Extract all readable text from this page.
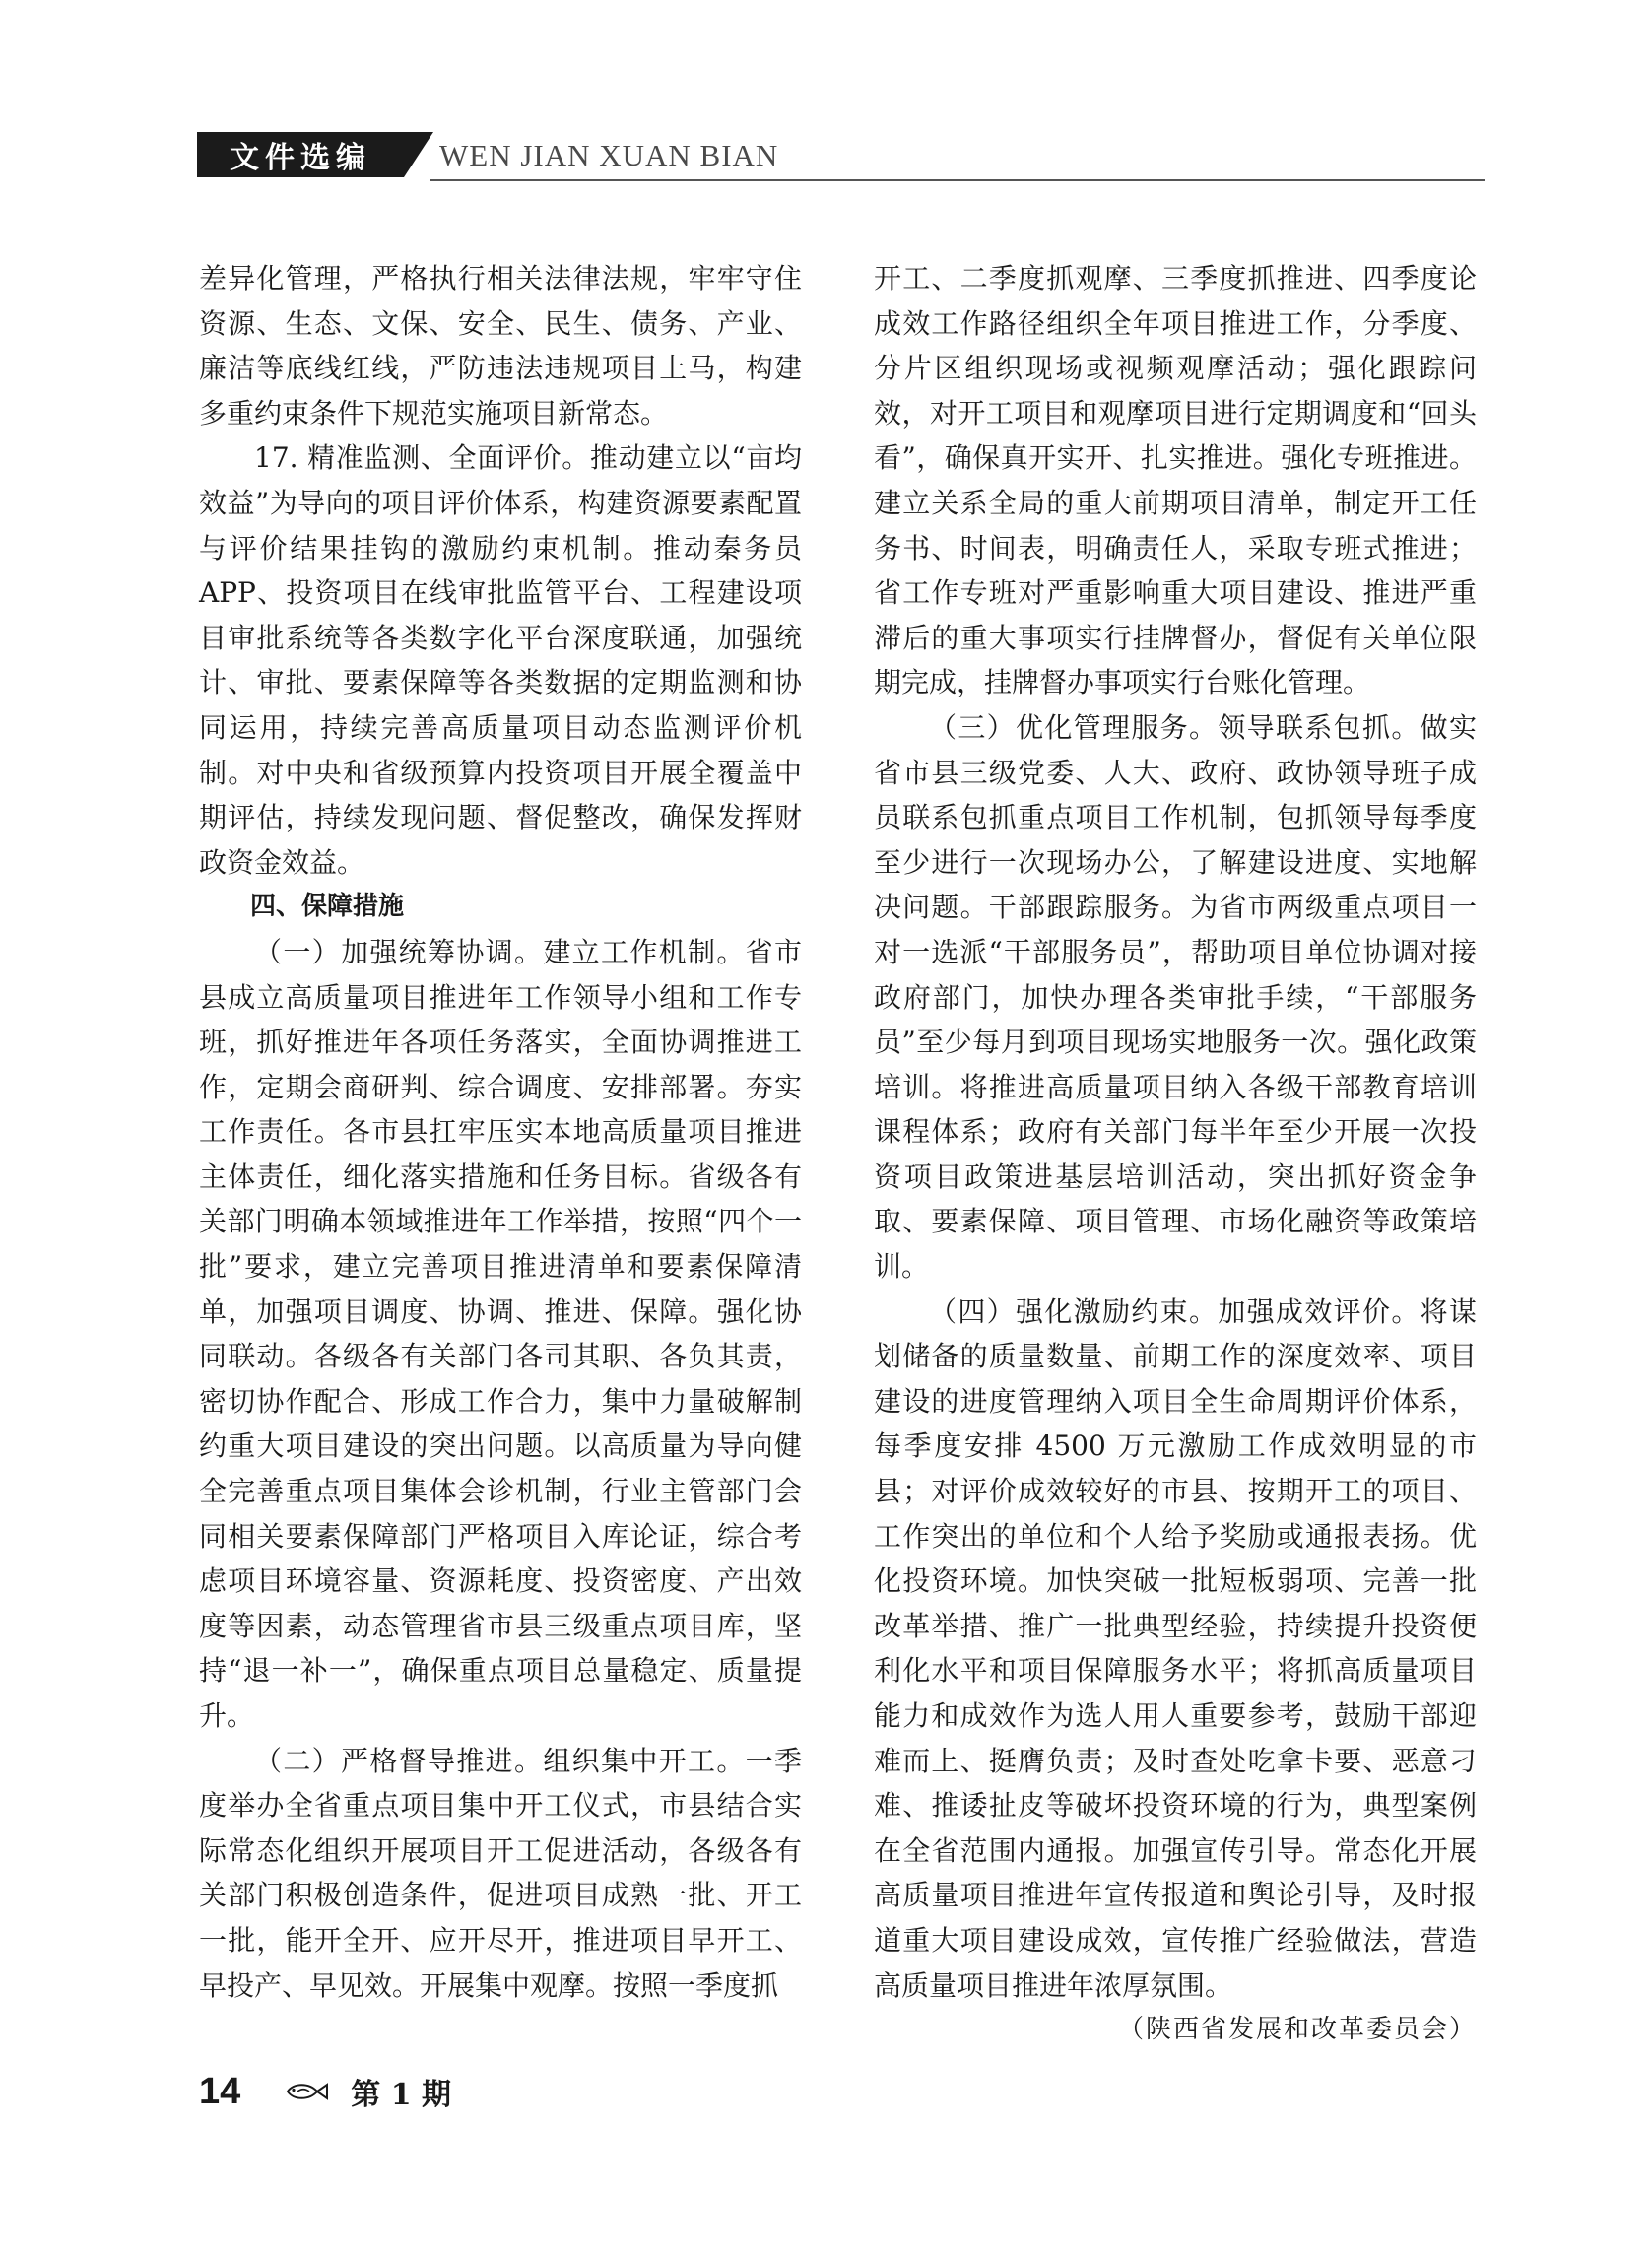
文件选编	WEN JIAN XUAN BIAN

差异化管理，严格执行相关法律法规，牢牢守住资源、生态、文保、安全、民生、债务、产业、廉洁等底线红线，严防违法违规项目上马，构建多重约束条件下规范实施项目新常态。

17. 精准监测、全面评价。推动建立以“亩均效益”为导向的项目评价体系，构建资源要素配置与评价结果挂钩的激励约束机制。推动秦务员 APP、投资项目在线审批监管平台、工程建设项目审批系统等各类数字化平台深度联通，加强统计、审批、要素保障等各类数据的定期监测和协同运用，持续完善高质量项目动态监测评价机制。对中央和省级预算内投资项目开展全覆盖中期评估，持续发现问题、督促整改，确保发挥财政资金效益。

四、保障措施

（一）加强统筹协调。建立工作机制。省市县成立高质量项目推进年工作领导小组和工作专班，抓好推进年各项任务落实，全面协调推进工作，定期会商研判、综合调度、安排部署。夯实工作责任。各市县扛牢压实本地高质量项目推进主体责任，细化落实措施和任务目标。省级各有关部门明确本领域推进年工作举措，按照“四个一批”要求，建立完善项目推进清单和要素保障清单，加强项目调度、协调、推进、保障。强化协同联动。各级各有关部门各司其职、各负其责，密切协作配合、形成工作合力，集中力量破解制约重大项目建设的突出问题。以高质量为导向健全完善重点项目集体会诊机制，行业主管部门会同相关要素保障部门严格项目入库论证，综合考虑项目环境容量、资源耗度、投资密度、产出效度等因素，动态管理省市县三级重点项目库，坚持“退一补一”，确保重点项目总量稳定、质量提升。

（二）严格督导推进。组织集中开工。一季度举办全省重点项目集中开工仪式，市县结合实际常态化组织开展项目开工促进活动，各级各有关部门积极创造条件，促进项目成熟一批、开工一批，能开全开、应开尽开，推进项目早开工、早投产、早见效。开展集中观摩。按照一季度抓

开工、二季度抓观摩、三季度抓推进、四季度论成效工作路径组织全年项目推进工作，分季度、分片区组织现场或视频观摩活动；强化跟踪问效，对开工项目和观摩项目进行定期调度和“回头看”，确保真开实开、扎实推进。强化专班推进。建立关系全局的重大前期项目清单，制定开工任务书、时间表，明确责任人，采取专班式推进；省工作专班对严重影响重大项目建设、推进严重滞后的重大事项实行挂牌督办，督促有关单位限期完成，挂牌督办事项实行台账化管理。

（三）优化管理服务。领导联系包抓。做实省市县三级党委、人大、政府、政协领导班子成员联系包抓重点项目工作机制，包抓领导每季度至少进行一次现场办公，了解建设进度、实地解决问题。干部跟踪服务。为省市两级重点项目一对一选派“干部服务员”，帮助项目单位协调对接政府部门，加快办理各类审批手续，“干部服务员”至少每月到项目现场实地服务一次。强化政策培训。将推进高质量项目纳入各级干部教育培训课程体系；政府有关部门每半年至少开展一次投资项目政策进基层培训活动，突出抓好资金争取、要素保障、项目管理、市场化融资等政策培训。

（四）强化激励约束。加强成效评价。将谋划储备的质量数量、前期工作的深度效率、项目建设的进度管理纳入项目全生命周期评价体系，每季度安排 4500 万元激励工作成效明显的市县；对评价成效较好的市县、按期开工的项目、工作突出的单位和个人给予奖励或通报表扬。优化投资环境。加快突破一批短板弱项、完善一批改革举措、推广一批典型经验，持续提升投资便利化水平和项目保障服务水平；将抓高质量项目能力和成效作为选人用人重要参考，鼓励干部迎难而上、挺膺负责；及时查处吃拿卡要、恶意刁难、推诿扯皮等破坏投资环境的行为，典型案例在全省范围内通报。加强宣传引导。常态化开展高质量项目推进年宣传报道和舆论引导，及时报道重大项目建设成效，宣传推广经验做法，营造高质量项目推进年浓厚氛围。

（陕西省发展和改革委员会）

14	第 1 期
